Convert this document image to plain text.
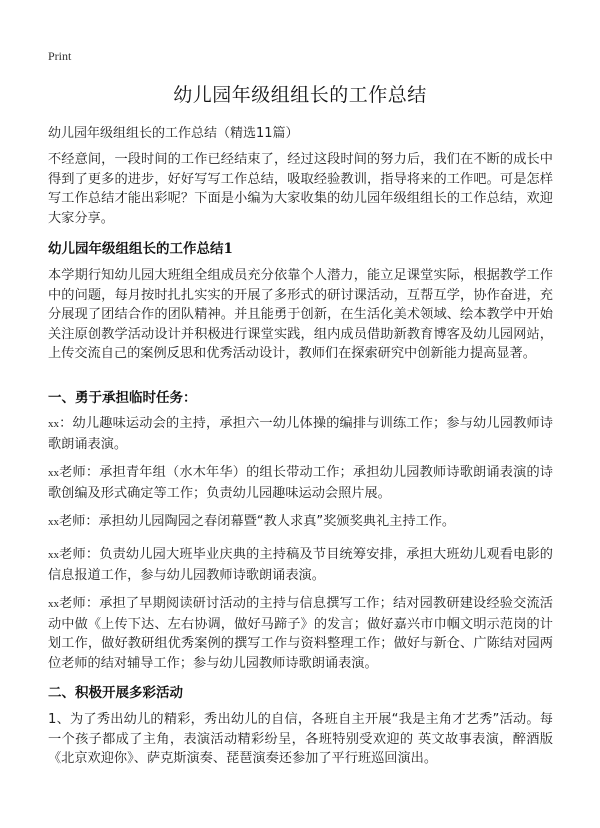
Print
幼儿园年级组组长的工作总结
幼儿园年级组组长的工作总结（精选11篇）

不经意间，一段时间的工作已经结束了，经过这段时间的努力后，我们在不断的成长中得到了更多的进步，好好写写工作总结，吸取经验教训，指导将来的工作吧。可是怎样写工作总结才能出彩呢？下面是小编为大家收集的幼儿园年级组组长的工作总结，欢迎大家分享。

幼儿园年级组组长的工作总结1

本学期行知幼儿园大班组全组成员充分依靠个人潜力，能立足课堂实际，根据教学工作中的问题，每月按时扎扎实实的开展了多形式的研讨课活动，互帮互学，协作奋进，充分展现了团结合作的团队精神。并且能勇于创新，在生活化美术领域、绘本教学中开始关注原创教学活动设计并积极进行课堂实践，组内成员借助新教育博客及幼儿园网站，上传交流自己的案例反思和优秀活动设计，教师们在探索研究中创新能力提高显著。

一、勇于承担临时任务：

xx：幼儿趣味运动会的主持，承担六一幼儿体操的编排与训练工作；参与幼儿园教师诗歌朗诵表演。

xx老师：承担青年组（水木年华）的组长带动工作；承担幼儿园教师诗歌朗诵表演的诗歌创编及形式确定等工作；负责幼儿园趣味运动会照片展。

xx老师：承担幼儿园陶园之春闭幕暨“教人求真”奖颁奖典礼主持工作。

xx老师：负责幼儿园大班毕业庆典的主持稿及节目统筹安排，承担大班幼儿观看电影的信息报道工作，参与幼儿园教师诗歌朗诵表演。

xx老师：承担了早期阅读研讨活动的主持与信息撰写工作；结对园教研建设经验交流活动中做《上传下达、左右协调，做好马蹄子》的发言；做好嘉兴市巾帼文明示范岗的计划工作，做好教研组优秀案例的撰写工作与资料整理工作；做好与新仓、广陈结对园两位老师的结对辅导工作；参与幼儿园教师诗歌朗诵表演。

二、积极开展多彩活动

1、为了秀出幼儿的精彩，秀出幼儿的自信，各班自主开展“我是主角才艺秀”活动。每一个孩子都成了主角，表演活动精彩纷呈，各班特别受欢迎的 英文故事表演，醉酒版《北京欢迎你》、萨克斯演奏、琵琶演奏还参加了平行班巡回演出。
